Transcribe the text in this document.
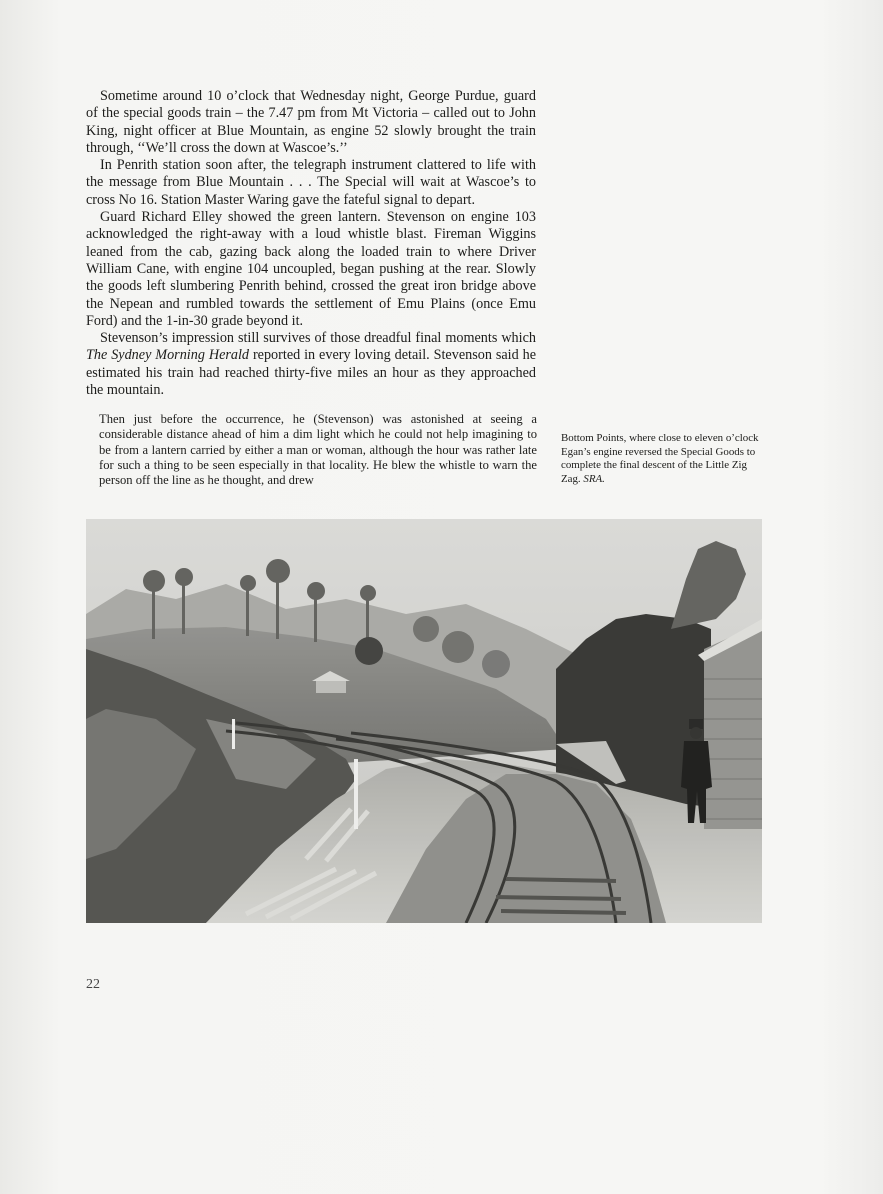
Sometime around 10 o’clock that Wednesday night, George Purdue, guard of the special goods train – the 7.47 pm from Mt Victoria – called out to John King, night officer at Blue Mountain, as engine 52 slowly brought the train through, ‘‘We’ll cross the down at Wascoe’s.’’

In Penrith station soon after, the telegraph instrument clattered to life with the message from Blue Mountain . . . The Special will wait at Wascoe’s to cross No 16. Station Master Waring gave the fateful signal to depart.

Guard Richard Elley showed the green lantern. Stevenson on engine 103 acknowledged the right-away with a loud whistle blast. Fireman Wiggins leaned from the cab, gazing back along the loaded train to where Driver William Cane, with engine 104 uncoupled, began pushing at the rear. Slowly the goods left slumbering Penrith behind, crossed the great iron bridge above the Nepean and rumbled towards the settlement of Emu Plains (once Emu Ford) and the 1-in-30 grade beyond it.

Stevenson’s impression still survives of those dreadful final moments which The Sydney Morning Herald reported in every loving detail. Stevenson said he estimated his train had reached thirty-five miles an hour as they approached the mountain.

Then just before the occurrence, he (Stevenson) was astonished at seeing a considerable distance ahead of him a dim light which he could not help imagining to be from a lantern carried by either a man or woman, although the hour was rather late for such a thing to be seen especially in that locality. He blew the whistle to warn the person off the line as he thought, and drew

Bottom Points, where close to eleven o’clock Egan’s engine reversed the Special Goods to complete the final descent of the Little Zig Zag. SRA.
22
